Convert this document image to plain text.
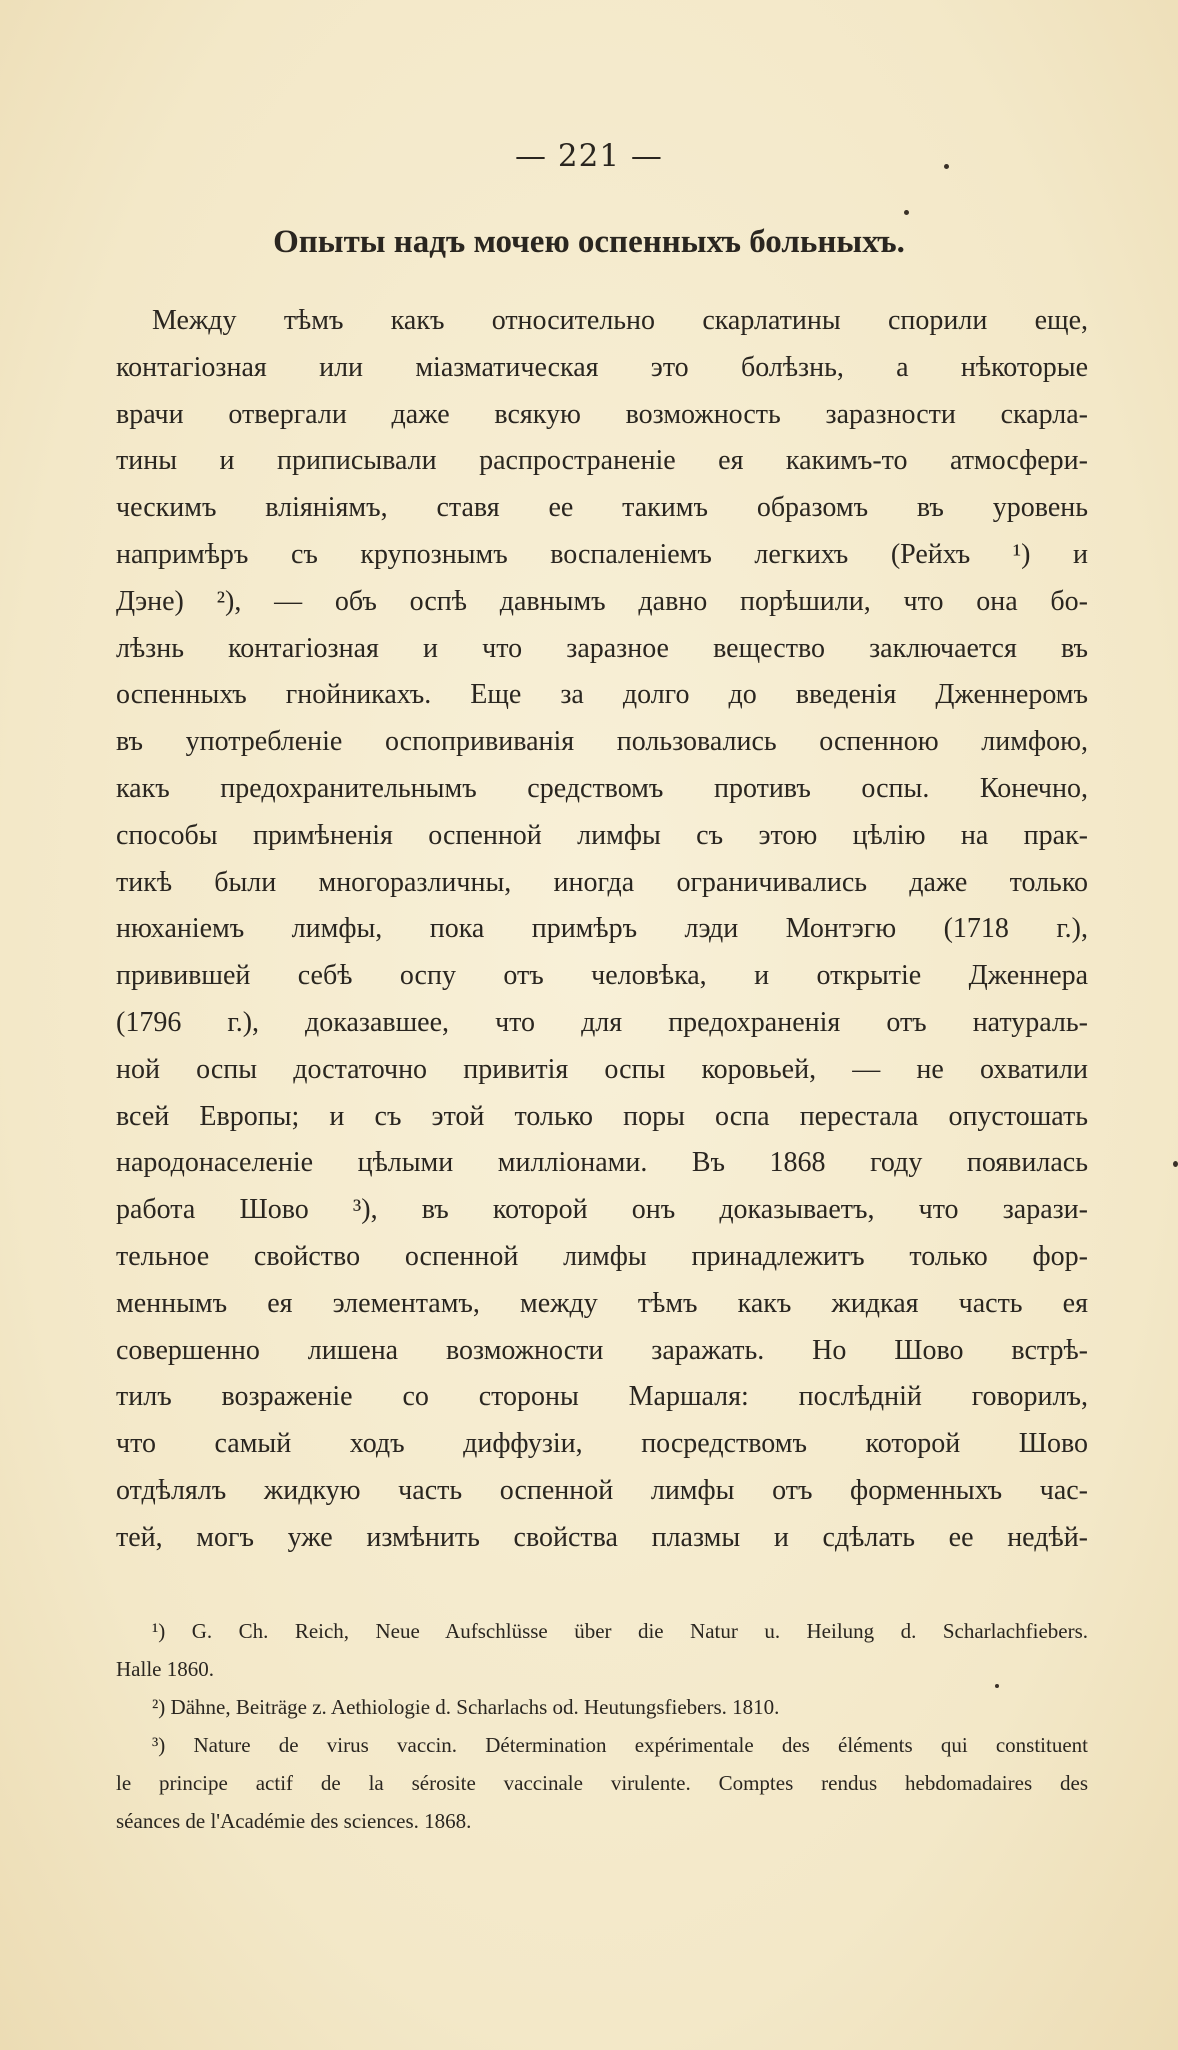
— 221 —
Опыты надъ мочею оспенныхъ больныхъ.
Между тѣмъ какъ относительно скарлатины спорили еще,
контагiозная или мiазматическая это болѣзнь, а нѣкоторые
врачи отвергали даже всякую возможность заразности скарла-
тины и приписывали распространенiе ея какимъ-то атмосфери-
ческимъ влiянiямъ, ставя ее такимъ образомъ въ уровень
напримѣръ съ крупознымъ воспаленiемъ легкихъ (Рейхъ ¹) и
Дэне) ²), — объ оспѣ давнымъ давно порѣшили, что она бо-
лѣзнь контагiозная и что заразное вещество заключается въ
оспенныхъ гнойникахъ. Еще за долго до введенiя Дженнеромъ
въ употребленiе оспопрививанiя пользовались оспенною лимфою,
какъ предохранительнымъ средствомъ противъ оспы. Конечно,
способы примѣненiя оспенной лимфы съ этою цѣлiю на прак-
тикѣ были многоразличны, иногда ограничивались даже только
нюханiемъ лимфы, пока примѣръ лэди Монтэгю (1718 г.),
привившей себѣ оспу отъ человѣка, и открытiе Дженнера
(1796 г.), доказавшее, что для предохраненiя отъ натураль-
ной оспы достаточно привитiя оспы коровьей, — не охватили
всей Европы; и съ этой только поры оспа перестала опустошать
народонаселенiе цѣлыми миллiонами. Въ 1868 году появилась
работа Шово ³), въ которой онъ доказываетъ, что зарази-
тельное свойство оспенной лимфы принадлежитъ только фор-
меннымъ ея элементамъ, между тѣмъ какъ жидкая часть ея
совершенно лишена возможности заражать. Но Шово встрѣ-
тилъ возраженiе со стороны Маршаля: послѣднiй говорилъ,
что самый ходъ диффузiи, посредствомъ которой Шово
отдѣлялъ жидкую часть оспенной лимфы отъ форменныхъ час-
тей, могъ уже измѣнить свойства плазмы и сдѣлать ее недѣй-
¹) G. Ch. Reich, Neue Aufschlüsse über die Natur u. Heilung d. Scharlachfiebers.
Halle 1860.
²) Dähne, Beiträge z. Aethiologie d. Scharlachs od. Heutungsfiebers. 1810.
³) Nature de virus vaccin. Détermination expérimentale des éléments qui constituent
le principe actif de la sérosite vaccinale virulente. Comptes rendus hebdomadaires des
séances de l'Académie des sciences. 1868.
